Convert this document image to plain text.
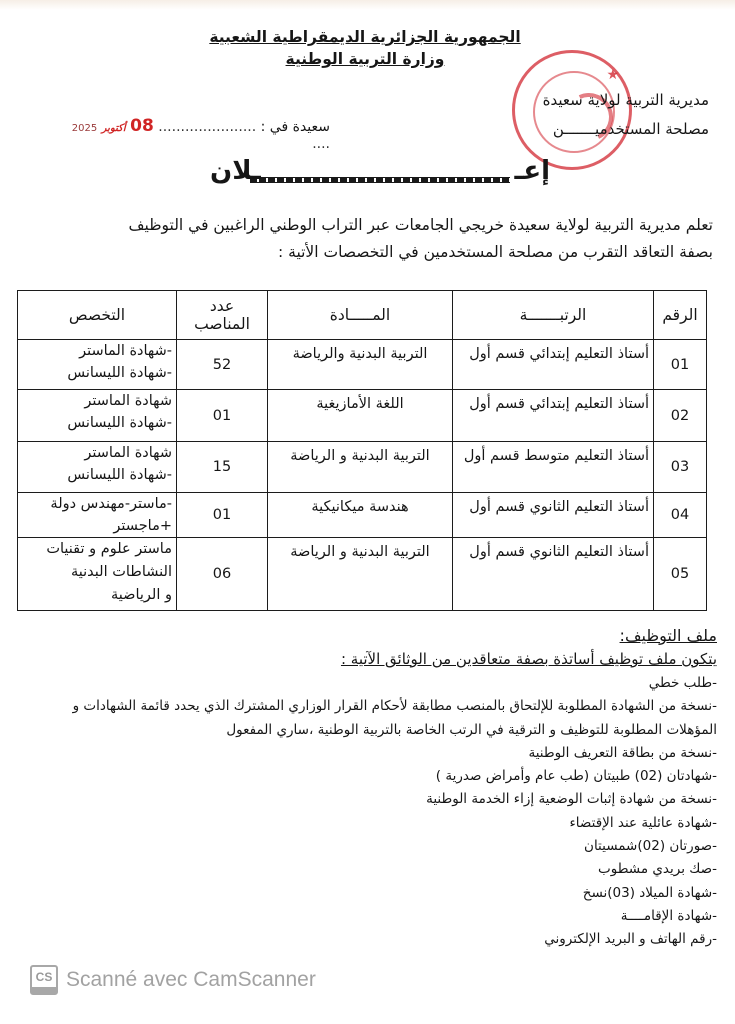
الجمهورية الجزائرية الديمقراطية الشعبية
وزارة التربية الوطنية
★
مديرية التربية لولاية سعيدة
مصلحة المستخدميـــــــن
سعيدة في : ...................... 08 أكتوبر 2025 ....
إعـ
ـلان
تعلم مديرية التربية لولاية سعيدة خريجي الجامعات عبر التراب الوطني الراغبين في التوظيف
بصفة التعاقد التقرب من مصلحة المستخدمين في التخصصات الأتية :
الرقم	الرتبـــــــة	المـــــادة	عدد المناصب	التخصص
01	أستاذ التعليم إبتدائي قسم أول	التربية البدنية والرياضة	52	-شهادة الماستر
-شهادة الليسانس

02	أستاذ التعليم إبتدائي قسم أول	اللغة الأمازيغية	01	شهادة الماستر
-شهادة الليسانس

03	أستاذ التعليم متوسط قسم أول	التربية البدنية و الرياضة	15	شهادة الماستر
-شهادة الليسانس

04	أستاذ التعليم الثانوي قسم أول	هندسة ميكانيكية	01	-ماستر-مهندس دولة
+ماجستر

05	أستاذ التعليم الثانوي قسم أول	التربية البدنية و الرياضة	06	ماستر علوم و تقنيات
النشاطات البدنية
و الرياضية
ملف التوظيف:
يتكون ملف توظيف أساتذة بصفة متعاقدين من الوثائق الآتية :
-طلب خطي
-نسخة من الشهادة المطلوبة للإلتحاق بالمنصب مطابقة لأحكام القرار الوزاري المشترك الذي يحدد قائمة الشهادات و
المؤهلات المطلوبة للتوظيف و الترقية في الرتب الخاصة بالتربية الوطنية ،ساري المفعول
-نسخة من بطاقة التعريف الوطنية
-شهادتان (02) طبيتان (طب عام وأمراض صدرية )
-نسخة من شهادة إثبات الوضعية إزاء الخدمة الوطنية
-شهادة عائلية عند الإقتضاء
-صورتان (02)شمسيتان
-صك بريدي مشطوب
-شهادة الميلاد (03)نسخ
-شهادة الإقامــــة
-رقم الهاتف و البريد الإلكتروني
CS Scanné avec CamScanner
